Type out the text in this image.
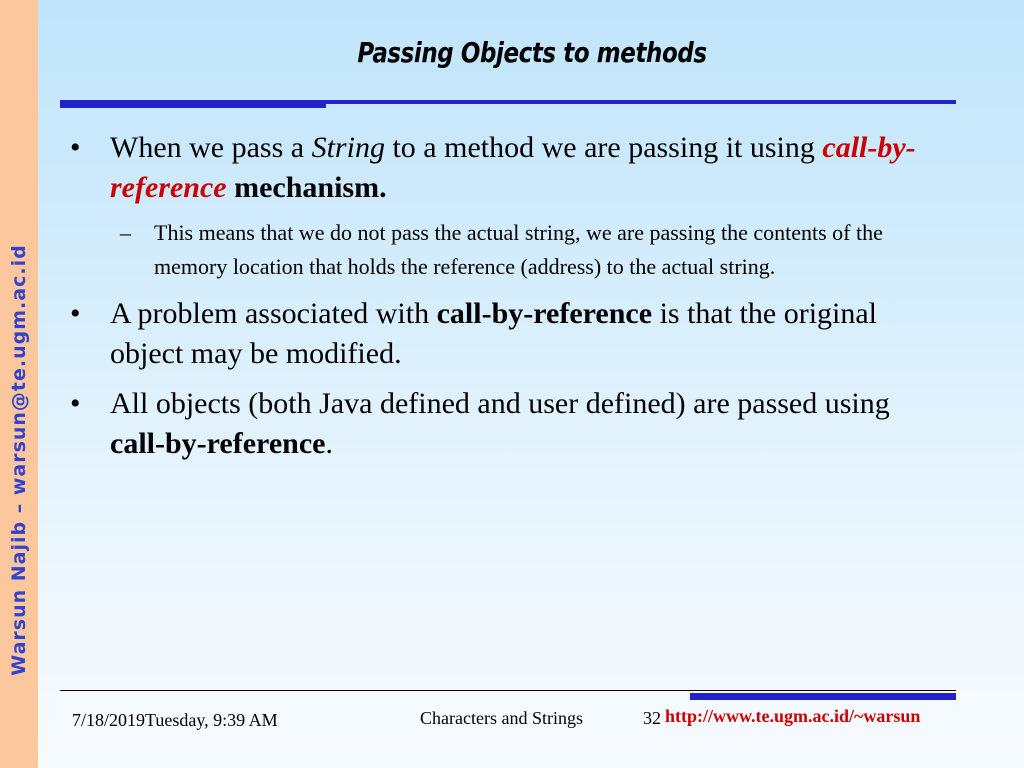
Warsun Najib – warsun@te.ugm.ac.id
Passing Objects to methods
• When we pass a String to a method we are passing it using call-by-reference mechanism.
– This means that we do not pass the actual string, we are passing the contents of the memory location that holds the reference (address) to the actual string.
• A problem associated with call-by-reference is that the original object may be modified.
• All objects (both Java defined and user defined) are passed using call-by-reference.
7/18/2019Tuesday, 9:39 AM	Characters and Strings	32 http://www.te.ugm.ac.id/~warsun
